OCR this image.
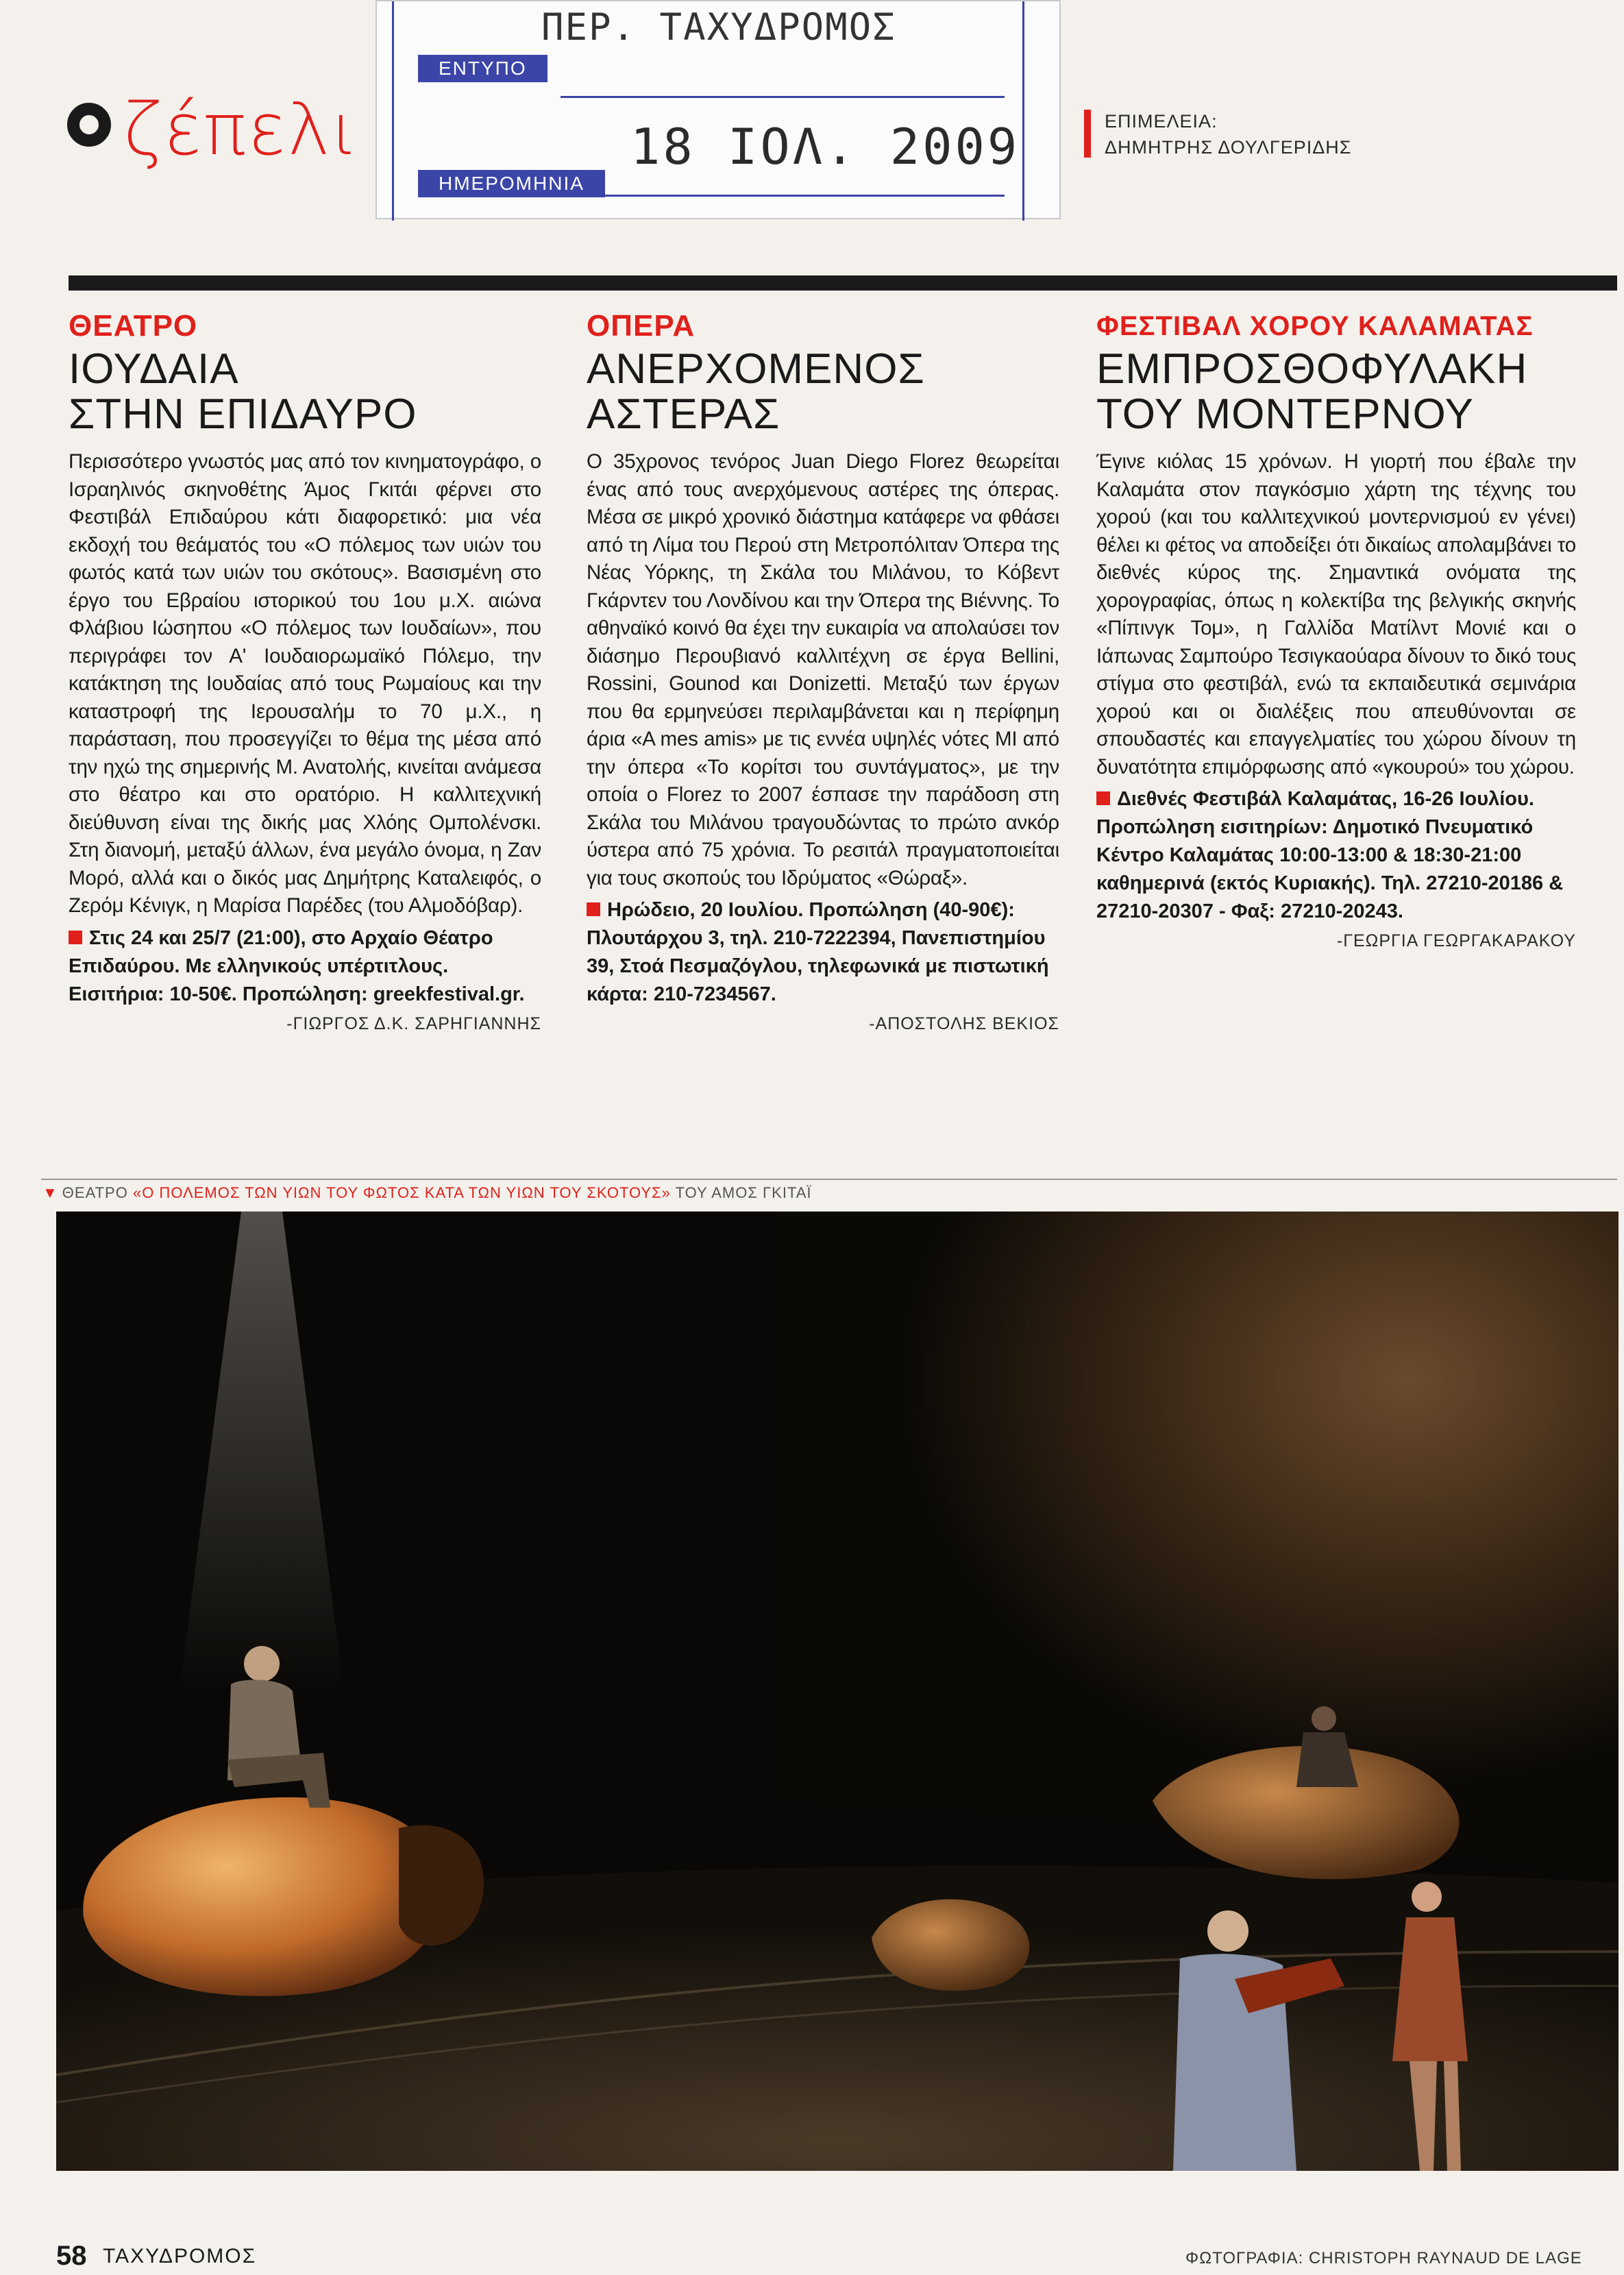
ζέπελι
ΠΕΡ. ΤΑΧΥΔΡΟΜΟΣ
ΕΝΤΥΠΟ
18 ΙΟΛ. 2009
ΗΜΕΡΟΜΗΝΙΑ
ΕΠΙΜΕΛΕΙΑ:
ΔΗΜΗΤΡΗΣ ΔΟΥΛΓΕΡΙΔΗΣ
ΘΕΑΤΡΟ
ΙΟΥΔΑΙΑ
ΣΤΗΝ ΕΠΙΔΑΥΡΟ
Περισσότερο γνωστός μας από τον κινηματογράφο, ο Ισραηλινός σκηνοθέτης Άμος Γκιτάι φέρνει στο Φεστιβάλ Επιδαύρου κάτι διαφορετικό: μια νέα εκδοχή του θεάματός του «Ο πόλεμος των υιών του φωτός κατά των υιών του σκότους». Βασισμένη στο έργο του Εβραίου ιστορικού του 1ου μ.Χ. αιώνα Φλάβιου Ιώσηπου «Ο πόλεμος των Ιουδαίων», που περιγράφει τον Α' Ιουδαιορωμαϊκό Πόλεμο, την κατάκτηση της Ιουδαίας από τους Ρωμαίους και την καταστροφή της Ιερουσαλήμ το 70 μ.Χ., η παράσταση, που προσεγγίζει το θέμα της μέσα από την ηχώ της σημερινής Μ. Ανατολής, κινείται ανάμεσα στο θέατρο και στο ορατόριο. Η καλλιτεχνική διεύθυνση είναι της δικής μας Χλόης Ομπολένσκι. Στη διανομή, μεταξύ άλλων, ένα μεγάλο όνομα, η Ζαν Μορό, αλλά και ο δικός μας Δημήτρης Καταλειφός, ο Ζερόμ Κένιγκ, η Μαρίσα Παρέδες (του Αλμοδόβαρ).
Στις 24 και 25/7 (21:00), στο Αρχαίο Θέατρο Επιδαύρου. Με ελληνικούς υπέρτιτλους. Εισιτήρια: 10-50€. Προπώληση: greekfestival.gr.
-ΓΙΩΡΓΟΣ Δ.Κ. ΣΑΡΗΓΙΑΝΝΗΣ
ΟΠΕΡΑ
ΑΝΕΡΧΟΜΕΝΟΣ
ΑΣΤΕΡΑΣ
Ο 35χρονος τενόρος Juan Diego Florez θεωρείται ένας από τους ανερχόμενους αστέρες της όπερας. Μέσα σε μικρό χρονικό διάστημα κατάφερε να φθάσει από τη Λίμα του Περού στη Μετροπόλιταν Όπερα της Νέας Υόρκης, τη Σκάλα του Μιλάνου, το Κόβεντ Γκάρντεν του Λονδίνου και την Όπερα της Βιέννης. Το αθηναϊκό κοινό θα έχει την ευκαιρία να απολαύσει τον διάσημο Περουβιανό καλλιτέχνη σε έργα Bellini, Rossini, Gounod και Donizetti. Μεταξύ των έργων που θα ερμηνεύσει περιλαμβάνεται και η περίφημη άρια «A mes amis» με τις εννέα υψηλές νότες ΜΙ από την όπερα «Το κορίτσι του συντάγματος», με την οποία ο Florez το 2007 έσπασε την παράδοση στη Σκάλα του Μιλάνου τραγουδώντας το πρώτο ανκόρ ύστερα από 75 χρόνια. Το ρεσιτάλ πραγματοποιείται για τους σκοπούς του Ιδρύματος «Θώραξ».
Ηρώδειο, 20 Ιουλίου. Προπώληση (40-90€): Πλουτάρχου 3, τηλ. 210-7222394, Πανεπιστημίου 39, Στοά Πεσμαζόγλου, τηλεφωνικά με πιστωτική κάρτα: 210-7234567.
-ΑΠΟΣΤΟΛΗΣ ΒΕΚΙΟΣ
ΦΕΣΤΙΒΑΛ ΧΟΡΟΥ ΚΑΛΑΜΑΤΑΣ
ΕΜΠΡΟΣΘΟΦΥΛΑΚΗ
ΤΟΥ ΜΟΝΤΕΡΝΟΥ
Έγινε κιόλας 15 χρόνων. Η γιορτή που έβαλε την Καλαμάτα στον παγκόσμιο χάρτη της τέχνης του χορού (και του καλλιτεχνικού μοντερνισμού εν γένει) θέλει κι φέτος να αποδείξει ότι δικαίως απολαμβάνει το διεθνές κύρος της. Σημαντικά ονόματα της χορογραφίας, όπως η κολεκτίβα της βελγικής σκηνής «Πίπινγκ Τομ», η Γαλλίδα Ματίλντ Μονιέ και ο Ιάπωνας Σαμπούρο Τεσιγκαούαρα δίνουν το δικό τους στίγμα στο φεστιβάλ, ενώ τα εκπαιδευτικά σεμινάρια χορού και οι διαλέξεις που απευθύνονται σε σπουδαστές και επαγγελματίες του χώρου δίνουν τη δυνατότητα επιμόρφωσης από «γκουρού» του χώρου.
Διεθνές Φεστιβάλ Καλαμάτας, 16-26 Ιουλίου. Προπώληση εισιτηρίων: Δημοτικό Πνευματικό Κέντρο Καλαμάτας 10:00-13:00 & 18:30-21:00 καθημερινά (εκτός Κυριακής). Τηλ. 27210-20186 & 27210-20307 - Φαξ: 27210-20243.
-ΓΕΩΡΓΙΑ ΓΕΩΡΓΑΚΑΡΑΚΟΥ
▼ ΘΕΑΤΡΟ «Ο ΠΟΛΕΜΟΣ ΤΩΝ ΥΙΩΝ ΤΟΥ ΦΩΤΟΣ ΚΑΤΑ ΤΩΝ ΥΙΩΝ ΤΟΥ ΣΚΟΤΟΥΣ» ΤΟΥ ΑΜΟΣ ΓΚΙΤΑΪ
58 ΤΑΧΥΔΡΟΜΟΣ	ΦΩΤΟΓΡΑΦΙΑ: CHRISTOPH RAYNAUD DE LAGE
